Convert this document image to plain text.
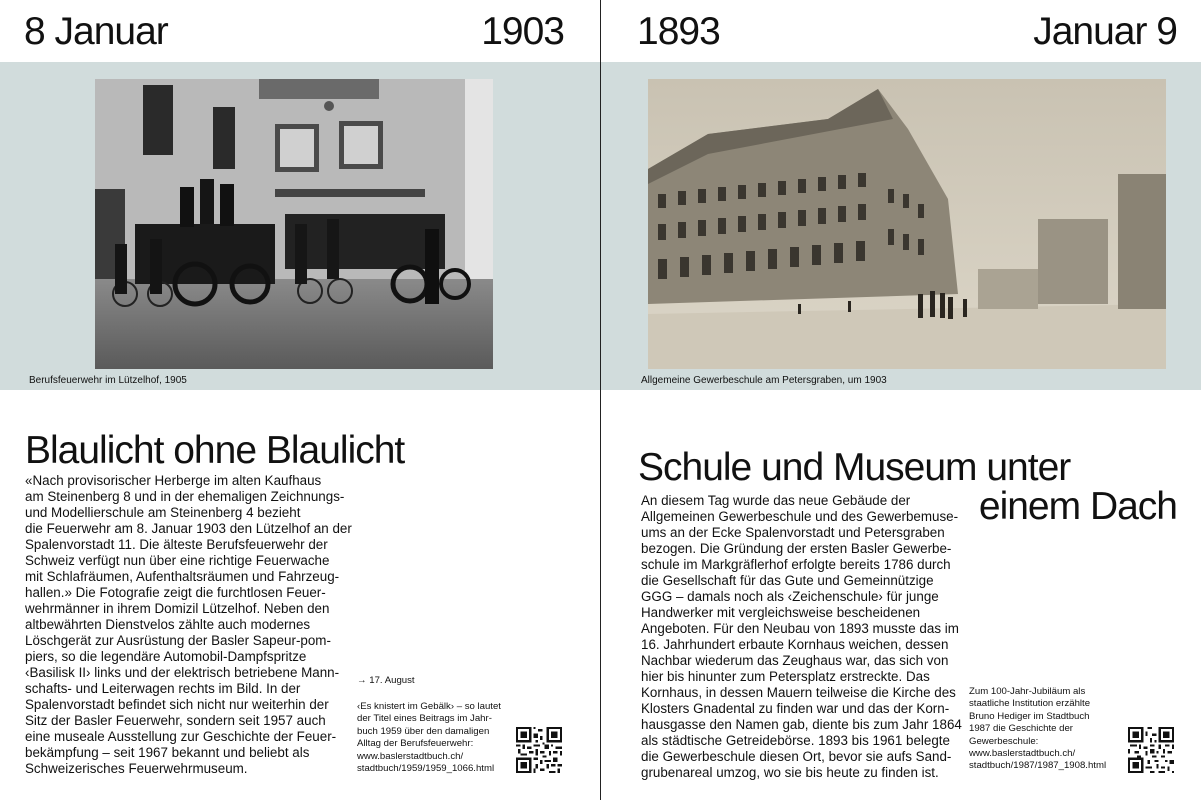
8 Januar	1903
Berufsfeuerwehr im Lützelhof, 1905
Blaulicht ohne Blaulicht

«Nach provisorischer Herberge im alten Kaufhaus

am Steinenberg 8 und in der ehemaligen Zeichnungs-

und Modellierschule am Steinenberg 4 bezieht

die Feuerwehr am 8. Januar 1903 den Lützelhof an der

Spalenvorstadt 11. Die älteste Berufsfeuerwehr der

Schweiz verfügt nun über eine richtige Feuerwache

mit Schlafräumen, Aufenthaltsräumen und Fahrzeug-

hallen.» Die Fotografie zeigt die furchtlosen Feuer-

wehrmänner in ihrem Domizil Lützelhof. Neben den

altbewährten Dienstvelos zählte auch modernes

Löschgerät zur Ausrüstung der Basler Sapeur-pom-

piers, so die legendäre Automobil-Dampfspritze

‹Basilisk II› links und der elektrisch betriebene Mann-

schafts- und Leiterwagen rechts im Bild. In der

Spalenvorstadt befindet sich nicht nur weiterhin der

Sitz der Basler Feuerwehr, sondern seit 1957 auch

eine museale Ausstellung zur Geschichte der Feuer-

bekämpfung – seit 1967 bekannt und beliebt als

Schweizerisches Feuerwehrmuseum.

→ 17. August

‹Es knistert im Gebälk› – so lautet

der Titel eines Beitrags im Jahr-

buch 1959 über den damaligen

Alltag der Berufsfeuerwehr:

www.baslerstadtbuch.ch/

stadtbuch/1959/1959_1066.html

1893	Januar 9
Allgemeine Gewerbeschule am Petersgraben, um 1903
Schule und Museum unter
einem Dach

An diesem Tag wurde das neue Gebäude der

Allgemeinen Gewerbeschule und des Gewerbemuse-

ums an der Ecke Spalenvorstadt und Petersgraben

bezogen. Die Gründung der ersten Basler Gewerbe-

schule im Markgräflerhof erfolgte bereits 1786 durch

die Gesellschaft für das Gute und Gemeinnützige

GGG – damals noch als ‹Zeichenschule› für junge

Handwerker mit vergleichsweise bescheidenen

Angeboten. Für den Neubau von 1893 musste das im

16. Jahrhundert erbaute Kornhaus weichen, dessen

Nachbar wiederum das Zeughaus war, das sich von

hier bis hinunter zum Petersplatz erstreckte. Das

Kornhaus, in dessen Mauern teilweise die Kirche des

Klosters Gnadental zu finden war und das der Korn-

hausgasse den Namen gab, diente bis zum Jahr 1864

als städtische Getreidebörse. 1893 bis 1961 belegte

die Gewerbeschule diesen Ort, bevor sie aufs Sand-

grubenareal umzog, wo sie bis heute zu finden ist.

Zum 100-Jahr-Jubiläum als

staatliche Institution erzählte

Bruno Hediger im Stadtbuch

1987 die Geschichte der

Gewerbeschule:

www.baslerstadtbuch.ch/

stadtbuch/1987/1987_1908.html
